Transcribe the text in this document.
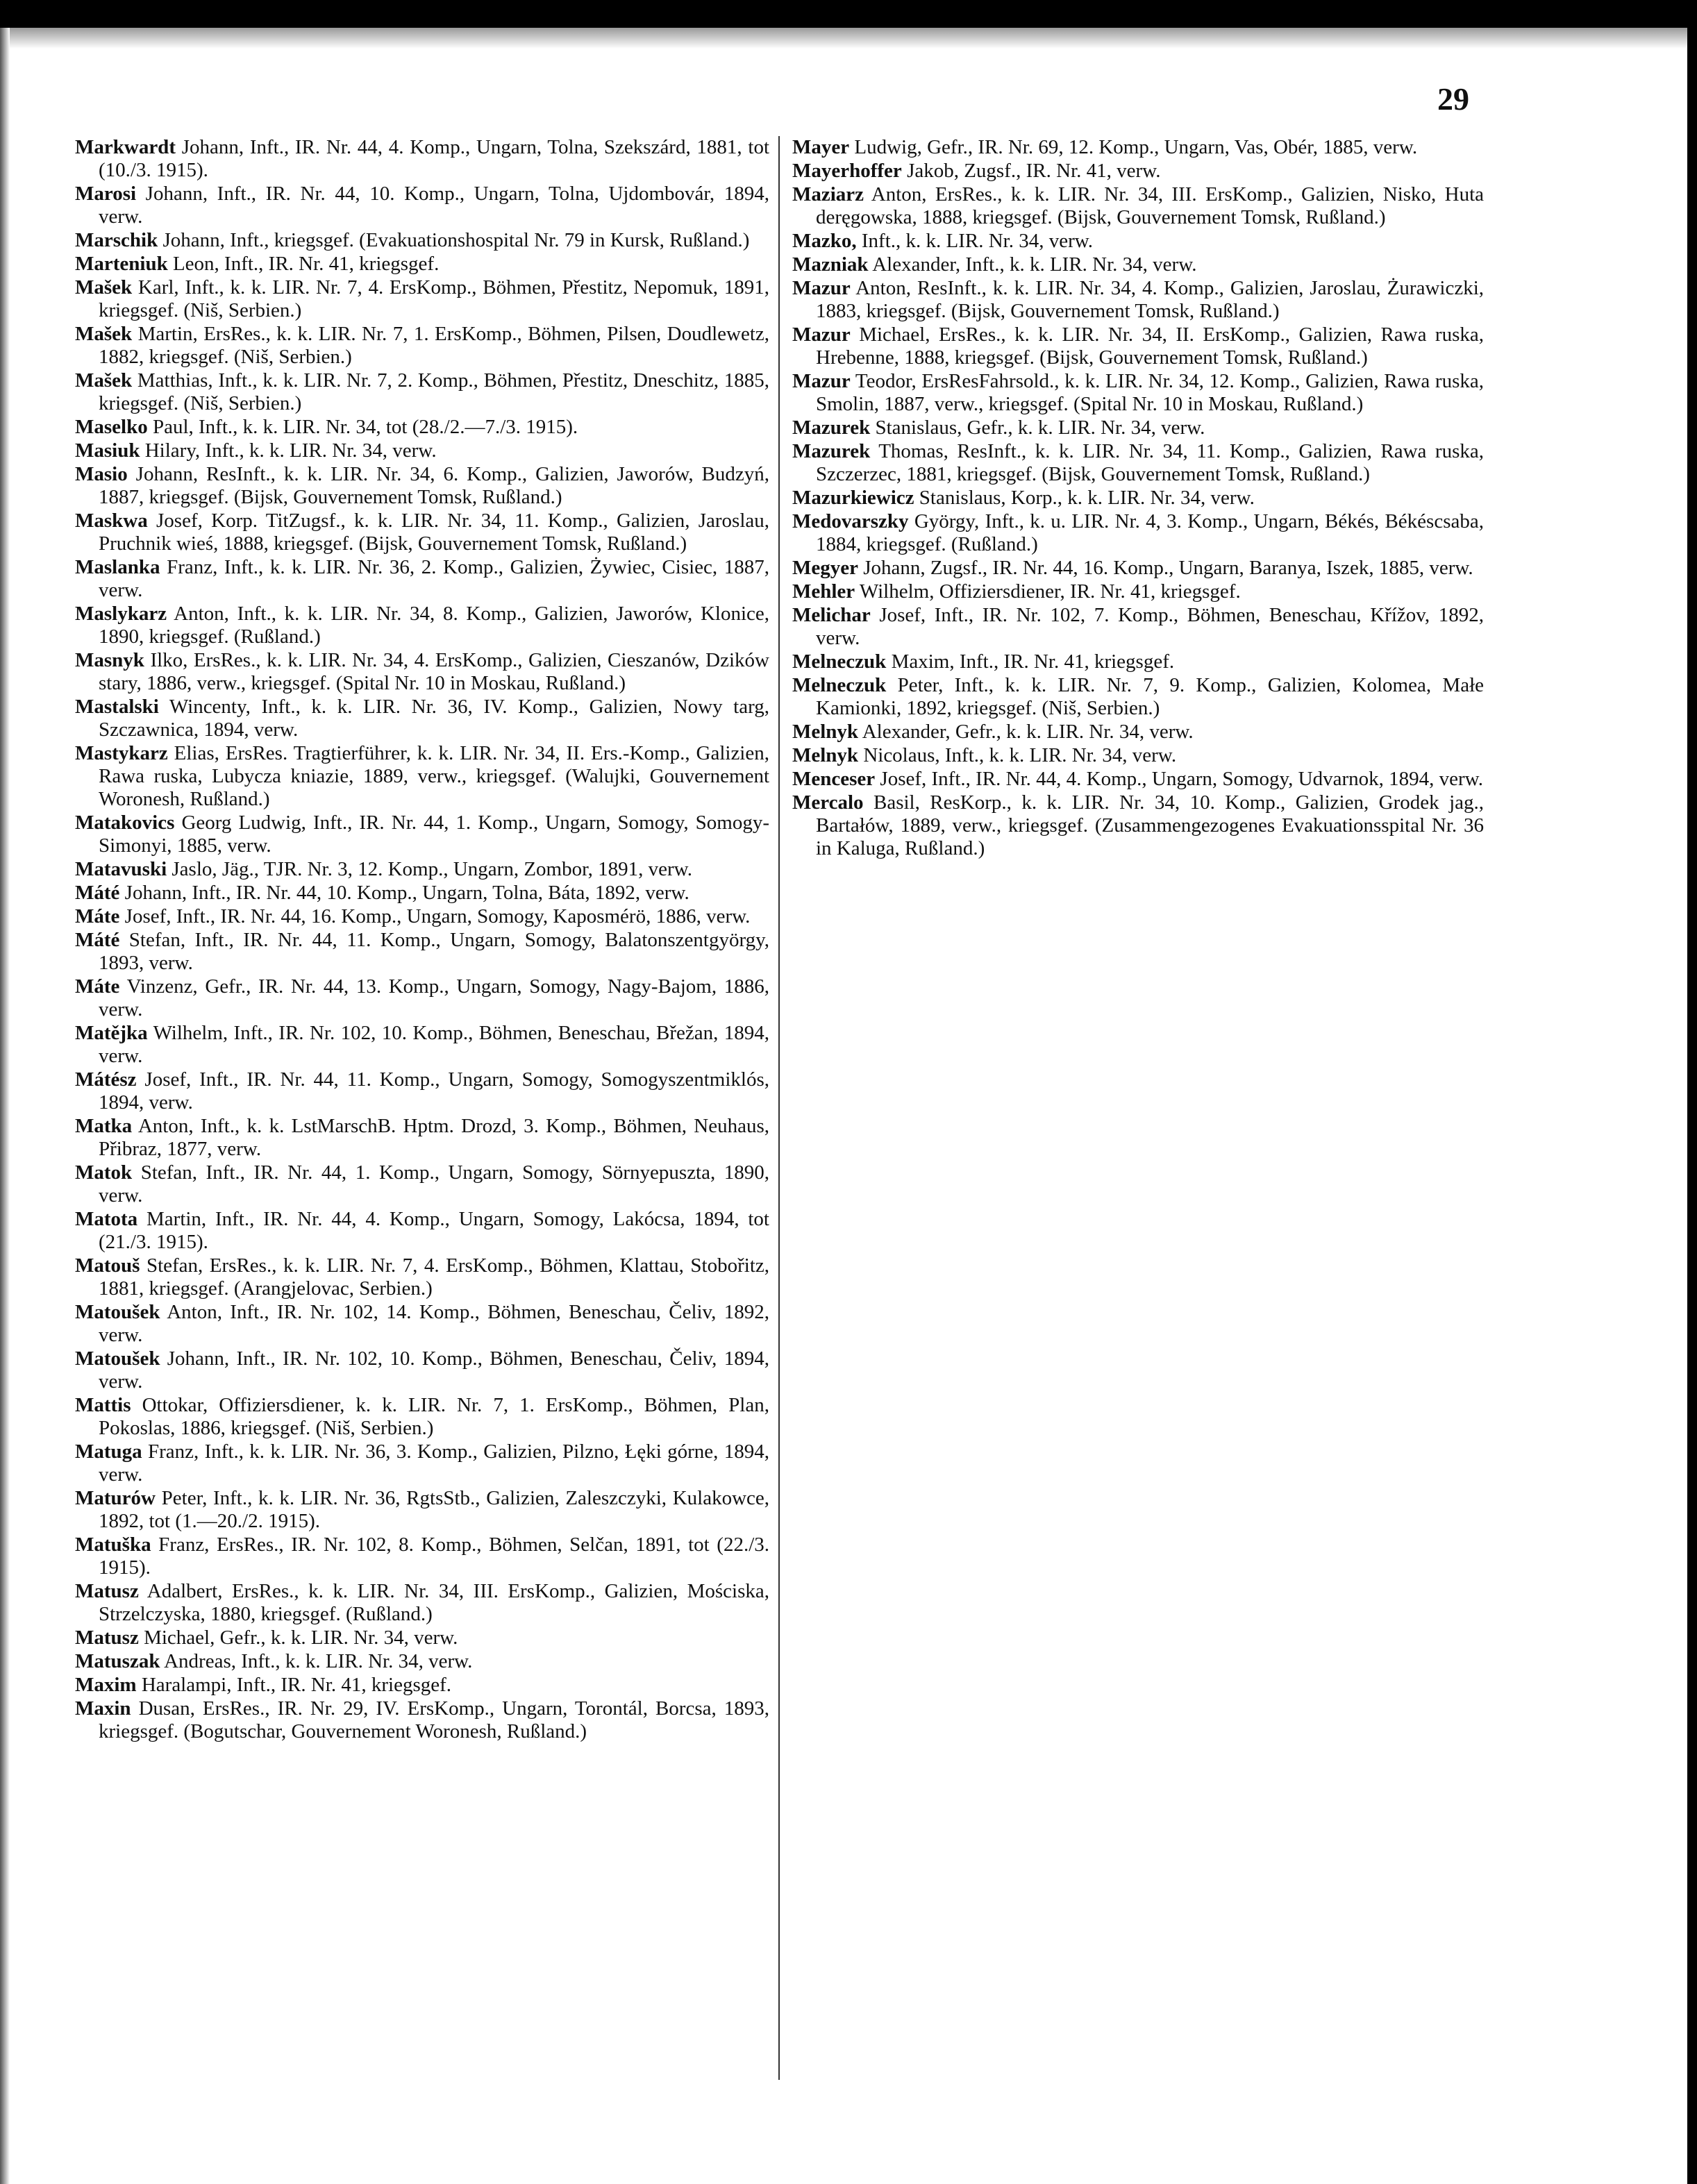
29
Markwardt Johann, Inft., IR. Nr. 44, 4. Komp., Ungarn, Tolna, Szekszárd, 1881, tot (10./3. 1915).
Marosi Johann, Inft., IR. Nr. 44, 10. Komp., Ungarn, Tolna, Ujdombovár, 1894, verw.
Marschik Johann, Inft., kriegsgef. (Evakuationshospital Nr. 79 in Kursk, Rußland.)
Marteniuk Leon, Inft., IR. Nr. 41, kriegsgef.
Mašek Karl, Inft., k. k. LIR. Nr. 7, 4. ErsKomp., Böhmen, Přestitz, Nepomuk, 1891, kriegsgef. (Niš, Serbien.)
Mašek Martin, ErsRes., k. k. LIR. Nr. 7, 1. ErsKomp., Böhmen, Pilsen, Doudlewetz, 1882, kriegsgef. (Niš, Serbien.)
Mašek Matthias, Inft., k. k. LIR. Nr. 7, 2. Komp., Böhmen, Přestitz, Dneschitz, 1885, kriegsgef. (Niš, Serbien.)
Maselko Paul, Inft., k. k. LIR. Nr. 34, tot (28./2.—7./3. 1915).
Masiuk Hilary, Inft., k. k. LIR. Nr. 34, verw.
Masio Johann, ResInft., k. k. LIR. Nr. 34, 6. Komp., Galizien, Jaworów, Budzyń, 1887, kriegsgef. (Bijsk, Gouvernement Tomsk, Rußland.)
Maskwa Josef, Korp. TitZugsf., k. k. LIR. Nr. 34, 11. Komp., Galizien, Jaroslau, Pruchnik wieś, 1888, kriegsgef. (Bijsk, Gouvernement Tomsk, Rußland.)
Maslanka Franz, Inft., k. k. LIR. Nr. 36, 2. Komp., Galizien, Żywiec, Cisiec, 1887, verw.
Maslykarz Anton, Inft., k. k. LIR. Nr. 34, 8. Komp., Galizien, Jaworów, Klonice, 1890, kriegsgef. (Rußland.)
Masnyk Ilko, ErsRes., k. k. LIR. Nr. 34, 4. ErsKomp., Galizien, Cieszanów, Dzików stary, 1886, verw., kriegsgef. (Spital Nr. 10 in Moskau, Rußland.)
Mastalski Wincenty, Inft., k. k. LIR. Nr. 36, IV. Komp., Galizien, Nowy targ, Szczawnica, 1894, verw.
Mastykarz Elias, ErsRes. Tragtierführer, k. k. LIR. Nr. 34, II. Ers.-Komp., Galizien, Rawa ruska, Lubycza kniazie, 1889, verw., kriegsgef. (Walujki, Gouvernement Woronesh, Rußland.)
Matakovics Georg Ludwig, Inft., IR. Nr. 44, 1. Komp., Ungarn, Somogy, Somogy-Simonyi, 1885, verw.
Matavuski Jaslo, Jäg., TJR. Nr. 3, 12. Komp., Ungarn, Zombor, 1891, verw.
Máté Johann, Inft., IR. Nr. 44, 10. Komp., Ungarn, Tolna, Báta, 1892, verw.
Máte Josef, Inft., IR. Nr. 44, 16. Komp., Ungarn, Somogy, Kaposmérö, 1886, verw.
Máté Stefan, Inft., IR. Nr. 44, 11. Komp., Ungarn, Somogy, Balatonszentgyörgy, 1893, verw.
Máte Vinzenz, Gefr., IR. Nr. 44, 13. Komp., Ungarn, Somogy, Nagy-Bajom, 1886, verw.
Matějka Wilhelm, Inft., IR. Nr. 102, 10. Komp., Böhmen, Beneschau, Břežan, 1894, verw.
Mátész Josef, Inft., IR. Nr. 44, 11. Komp., Ungarn, Somogy, Somogyszentmiklós, 1894, verw.
Matka Anton, Inft., k. k. LstMarschB. Hptm. Drozd, 3. Komp., Böhmen, Neuhaus, Přibraz, 1877, verw.
Matok Stefan, Inft., IR. Nr. 44, 1. Komp., Ungarn, Somogy, Sörnyepuszta, 1890, verw.
Matota Martin, Inft., IR. Nr. 44, 4. Komp., Ungarn, Somogy, Lakócsa, 1894, tot (21./3. 1915).
Matouš Stefan, ErsRes., k. k. LIR. Nr. 7, 4. ErsKomp., Böhmen, Klattau, Stobořitz, 1881, kriegsgef. (Arangjelovac, Serbien.)
Matoušek Anton, Inft., IR. Nr. 102, 14. Komp., Böhmen, Beneschau, Čeliv, 1892, verw.
Matoušek Johann, Inft., IR. Nr. 102, 10. Komp., Böhmen, Beneschau, Čeliv, 1894, verw.
Mattis Ottokar, Offiziersdiener, k. k. LIR. Nr. 7, 1. ErsKomp., Böhmen, Plan, Pokoslas, 1886, kriegsgef. (Niš, Serbien.)
Matuga Franz, Inft., k. k. LIR. Nr. 36, 3. Komp., Galizien, Pilzno, Łęki górne, 1894, verw.
Maturów Peter, Inft., k. k. LIR. Nr. 36, RgtsStb., Galizien, Zaleszczyki, Kulakowce, 1892, tot (1.—20./2. 1915).
Matuška Franz, ErsRes., IR. Nr. 102, 8. Komp., Böhmen, Selčan, 1891, tot (22./3. 1915).
Matusz Adalbert, ErsRes., k. k. LIR. Nr. 34, III. ErsKomp., Galizien, Mościska, Strzelczyska, 1880, kriegsgef. (Rußland.)
Matusz Michael, Gefr., k. k. LIR. Nr. 34, verw.
Matuszak Andreas, Inft., k. k. LIR. Nr. 34, verw.
Maxim Haralampi, Inft., IR. Nr. 41, kriegsgef.
Maxin Dusan, ErsRes., IR. Nr. 29, IV. ErsKomp., Ungarn, Torontál, Borcsa, 1893, kriegsgef. (Bogutschar, Gouvernement Woronesh, Rußland.)
Mayer Ludwig, Gefr., IR. Nr. 69, 12. Komp., Ungarn, Vas, Obér, 1885, verw.
Mayerhoffer Jakob, Zugsf., IR. Nr. 41, verw.
Maziarz Anton, ErsRes., k. k. LIR. Nr. 34, III. ErsKomp., Galizien, Nisko, Huta deręgowska, 1888, kriegsgef. (Bijsk, Gouvernement Tomsk, Rußland.)
Mazko, Inft., k. k. LIR. Nr. 34, verw.
Mazniak Alexander, Inft., k. k. LIR. Nr. 34, verw.
Mazur Anton, ResInft., k. k. LIR. Nr. 34, 4. Komp., Galizien, Jaroslau, Żurawiczki, 1883, kriegsgef. (Bijsk, Gouvernement Tomsk, Rußland.)
Mazur Michael, ErsRes., k. k. LIR. Nr. 34, II. ErsKomp., Galizien, Rawa ruska, Hrebenne, 1888, kriegsgef. (Bijsk, Gouvernement Tomsk, Rußland.)
Mazur Teodor, ErsResFahrsold., k. k. LIR. Nr. 34, 12. Komp., Galizien, Rawa ruska, Smolin, 1887, verw., kriegsgef. (Spital Nr. 10 in Moskau, Rußland.)
Mazurek Stanislaus, Gefr., k. k. LIR. Nr. 34, verw.
Mazurek Thomas, ResInft., k. k. LIR. Nr. 34, 11. Komp., Galizien, Rawa ruska, Szczerzec, 1881, kriegsgef. (Bijsk, Gouvernement Tomsk, Rußland.)
Mazurkiewicz Stanislaus, Korp., k. k. LIR. Nr. 34, verw.
Medovarszky György, Inft., k. u. LIR. Nr. 4, 3. Komp., Ungarn, Békés, Békéscsaba, 1884, kriegsgef. (Rußland.)
Megyer Johann, Zugsf., IR. Nr. 44, 16. Komp., Ungarn, Baranya, Iszek, 1885, verw.
Mehler Wilhelm, Offiziersdiener, IR. Nr. 41, kriegsgef.
Melichar Josef, Inft., IR. Nr. 102, 7. Komp., Böhmen, Beneschau, Křížov, 1892, verw.
Melneczuk Maxim, Inft., IR. Nr. 41, kriegsgef.
Melneczuk Peter, Inft., k. k. LIR. Nr. 7, 9. Komp., Galizien, Kolomea, Małe Kamionki, 1892, kriegsgef. (Niš, Serbien.)
Melnyk Alexander, Gefr., k. k. LIR. Nr. 34, verw.
Melnyk Nicolaus, Inft., k. k. LIR. Nr. 34, verw.
Menceser Josef, Inft., IR. Nr. 44, 4. Komp., Ungarn, Somogy, Udvarnok, 1894, verw.
Mercalo Basil, ResKorp., k. k. LIR. Nr. 34, 10. Komp., Galizien, Grodek jag., Bartałów, 1889, verw., kriegsgef. (Zusammengezogenes Evakuationsspital Nr. 36 in Kaluga, Rußland.)
